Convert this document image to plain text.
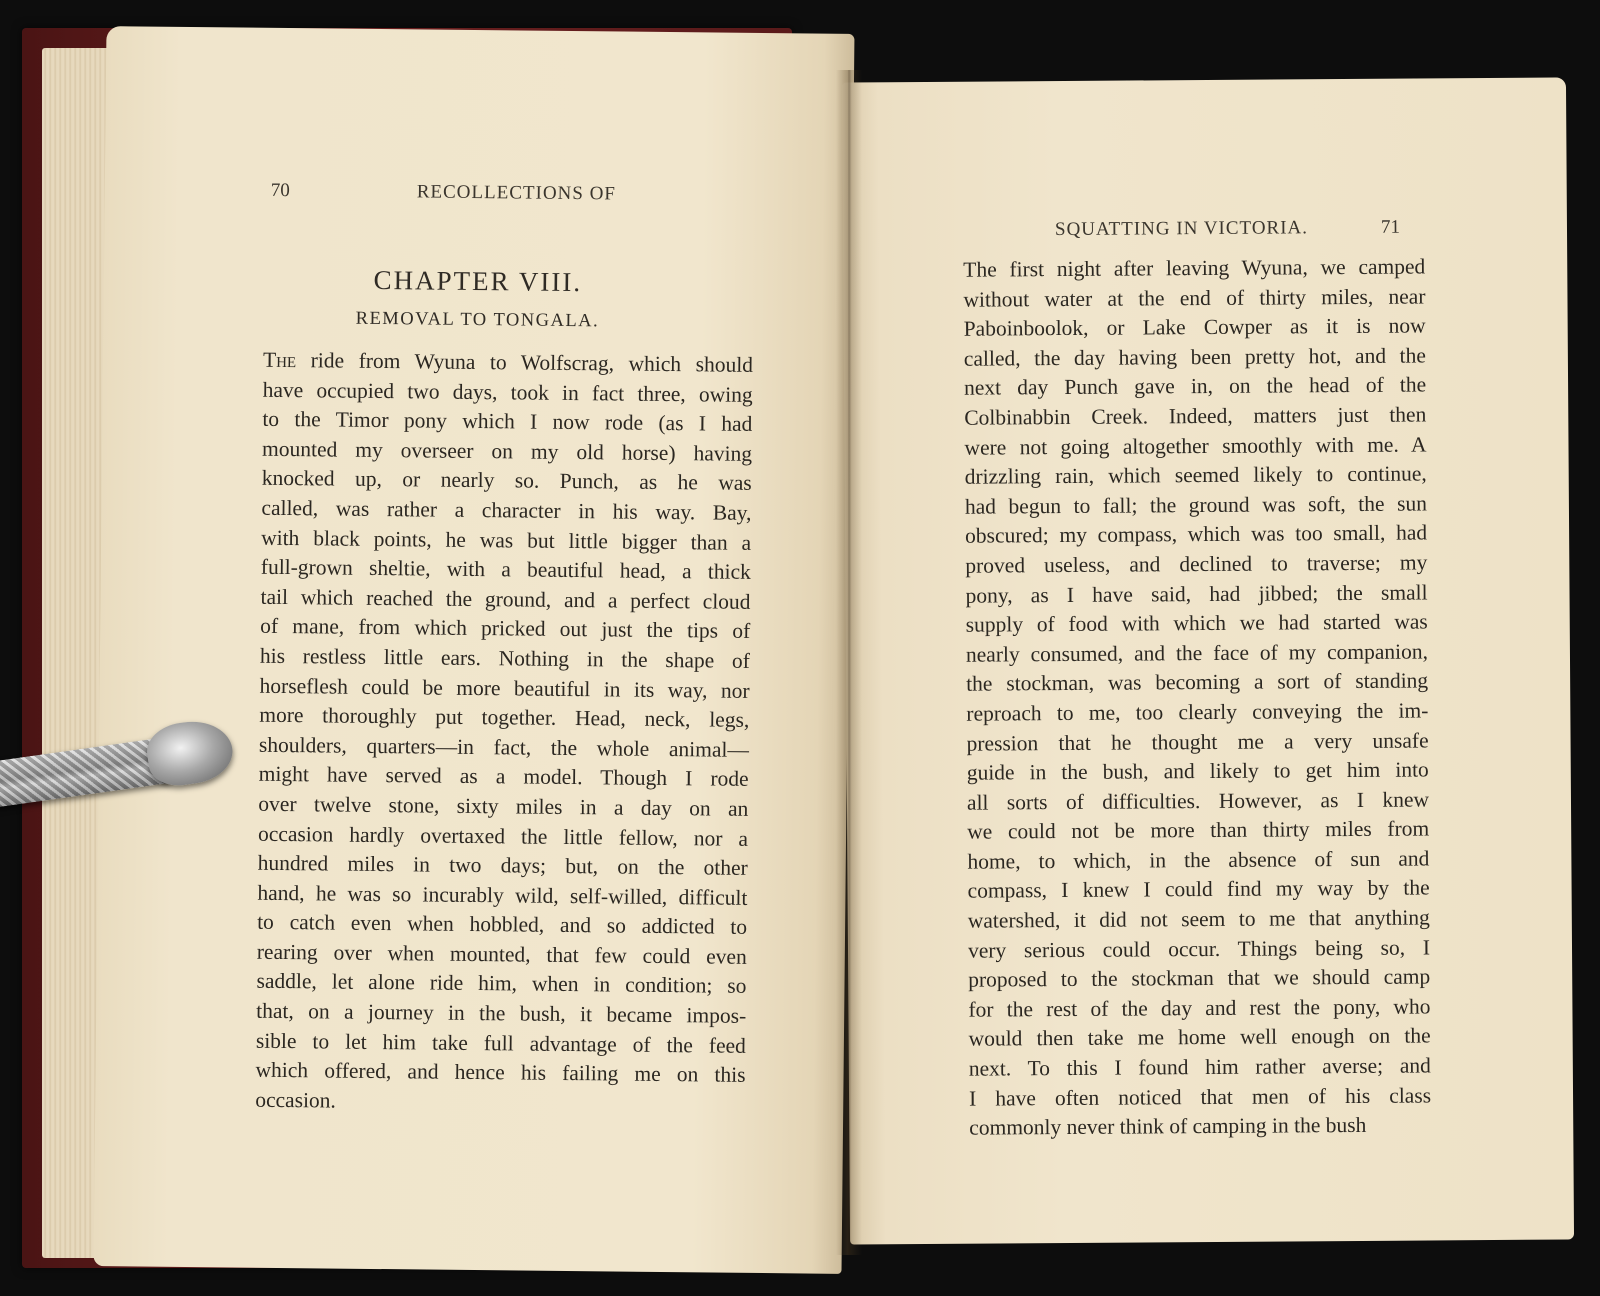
70	RECOLLECTIONS OF
CHAPTER VIII.
REMOVAL TO TONGALA.
The ride from Wyuna to Wolfscrag, which should
have occupied two days, took in fact three, owing
to the Timor pony which I now rode (as I had
mounted my overseer on my old horse) having
knocked up, or nearly so. Punch, as he was
called, was rather a character in his way. Bay,
with black points, he was but little bigger than a
full-grown sheltie, with a beautiful head, a thick
tail which reached the ground, and a perfect cloud
of mane, from which pricked out just the tips of
his restless little ears. Nothing in the shape of
horseflesh could be more beautiful in its way, nor
more thoroughly put together. Head, neck, legs,
shoulders, quarters—in fact, the whole animal—
might have served as a model. Though I rode
over twelve stone, sixty miles in a day on an
occasion hardly overtaxed the little fellow, nor a
hundred miles in two days; but, on the other
hand, he was so incurably wild, self-willed, difficult
to catch even when hobbled, and so addicted to
rearing over when mounted, that few could even
saddle, let alone ride him, when in condition; so
that, on a journey in the bush, it became impos-
sible to let him take full advantage of the feed
which offered, and hence his failing me on this
occasion.
SQUATTING IN VICTORIA.	71
The first night after leaving Wyuna, we camped
without water at the end of thirty miles, near
Paboinboolok, or Lake Cowper as it is now
called, the day having been pretty hot, and the
next day Punch gave in, on the head of the
Colbinabbin Creek. Indeed, matters just then
were not going altogether smoothly with me. A
drizzling rain, which seemed likely to continue,
had begun to fall; the ground was soft, the sun
obscured; my compass, which was too small, had
proved useless, and declined to traverse; my
pony, as I have said, had jibbed; the small
supply of food with which we had started was
nearly consumed, and the face of my companion,
the stockman, was becoming a sort of standing
reproach to me, too clearly conveying the im-
pression that he thought me a very unsafe
guide in the bush, and likely to get him into
all sorts of difficulties. However, as I knew
we could not be more than thirty miles from
home, to which, in the absence of sun and
compass, I knew I could find my way by the
watershed, it did not seem to me that anything
very serious could occur. Things being so, I
proposed to the stockman that we should camp
for the rest of the day and rest the pony, who
would then take me home well enough on the
next. To this I found him rather averse; and
I have often noticed that men of his class
commonly never think of camping in the bush
